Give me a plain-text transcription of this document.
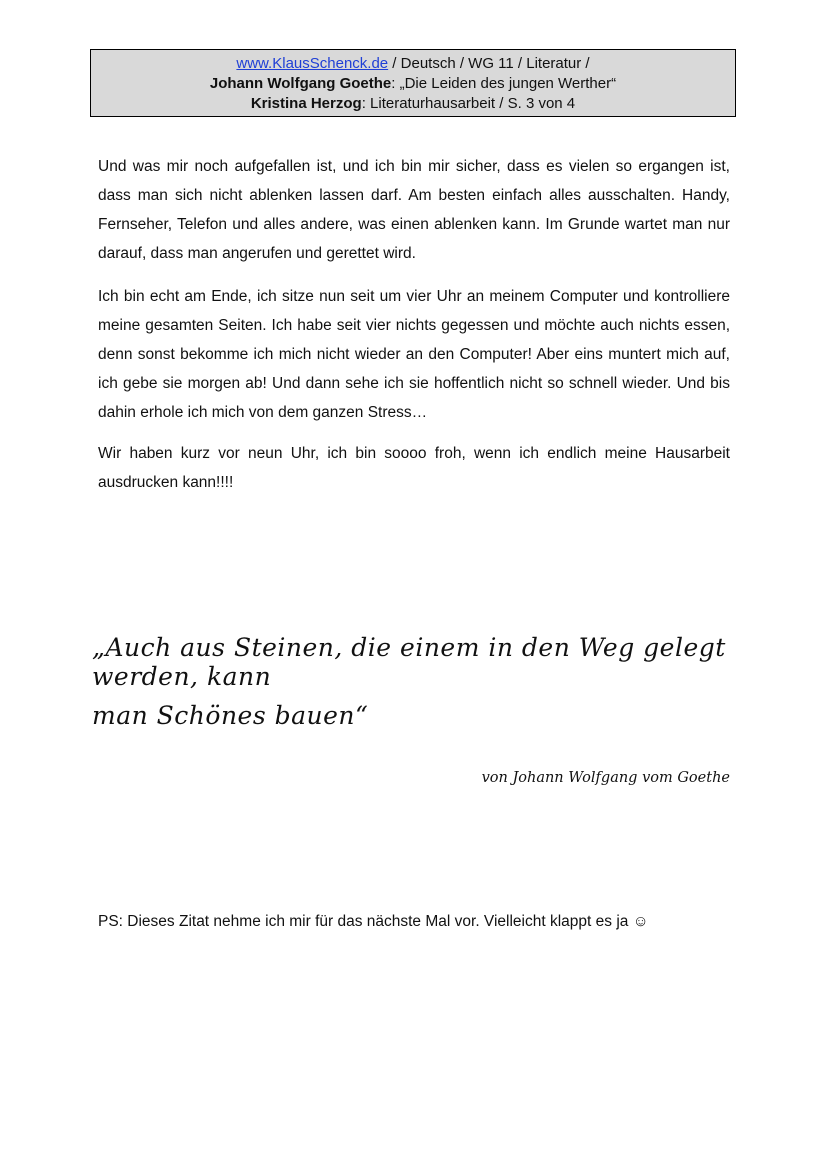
www.KlausSchenck.de / Deutsch / WG 11 / Literatur /
Johann Wolfgang Goethe: „Die Leiden des jungen Werther“
Kristina Herzog: Literaturhausarbeit / S. 3 von 4

Und was mir noch aufgefallen ist, und ich bin mir sicher, dass es vielen so ergangen ist, dass man sich nicht ablenken lassen darf. Am besten einfach alles ausschalten. Handy, Fernseher, Telefon und alles andere, was einen ablenken kann. Im Grunde wartet man nur darauf, dass man angerufen und gerettet wird.

Ich bin echt am Ende, ich sitze nun seit um vier Uhr an meinem Computer und kontrolliere meine gesamten Seiten. Ich habe seit vier nichts gegessen und möchte auch nichts essen, denn sonst bekomme ich mich nicht wieder an den Computer! Aber eins muntert mich auf, ich gebe sie morgen ab! Und dann sehe ich sie hoffentlich nicht so schnell wieder. Und bis dahin erhole ich mich von dem ganzen Stress…

Wir haben kurz vor neun Uhr, ich bin soooo froh, wenn ich endlich meine Hausarbeit ausdrucken kann!!!!

„Auch aus Steinen, die einem in den Weg gelegt werden, kann
man Schönes bauen“
von Johann Wolfgang vom Goethe
PS: Dieses Zitat nehme ich mir für das nächste Mal vor. Vielleicht klappt es ja ☺
